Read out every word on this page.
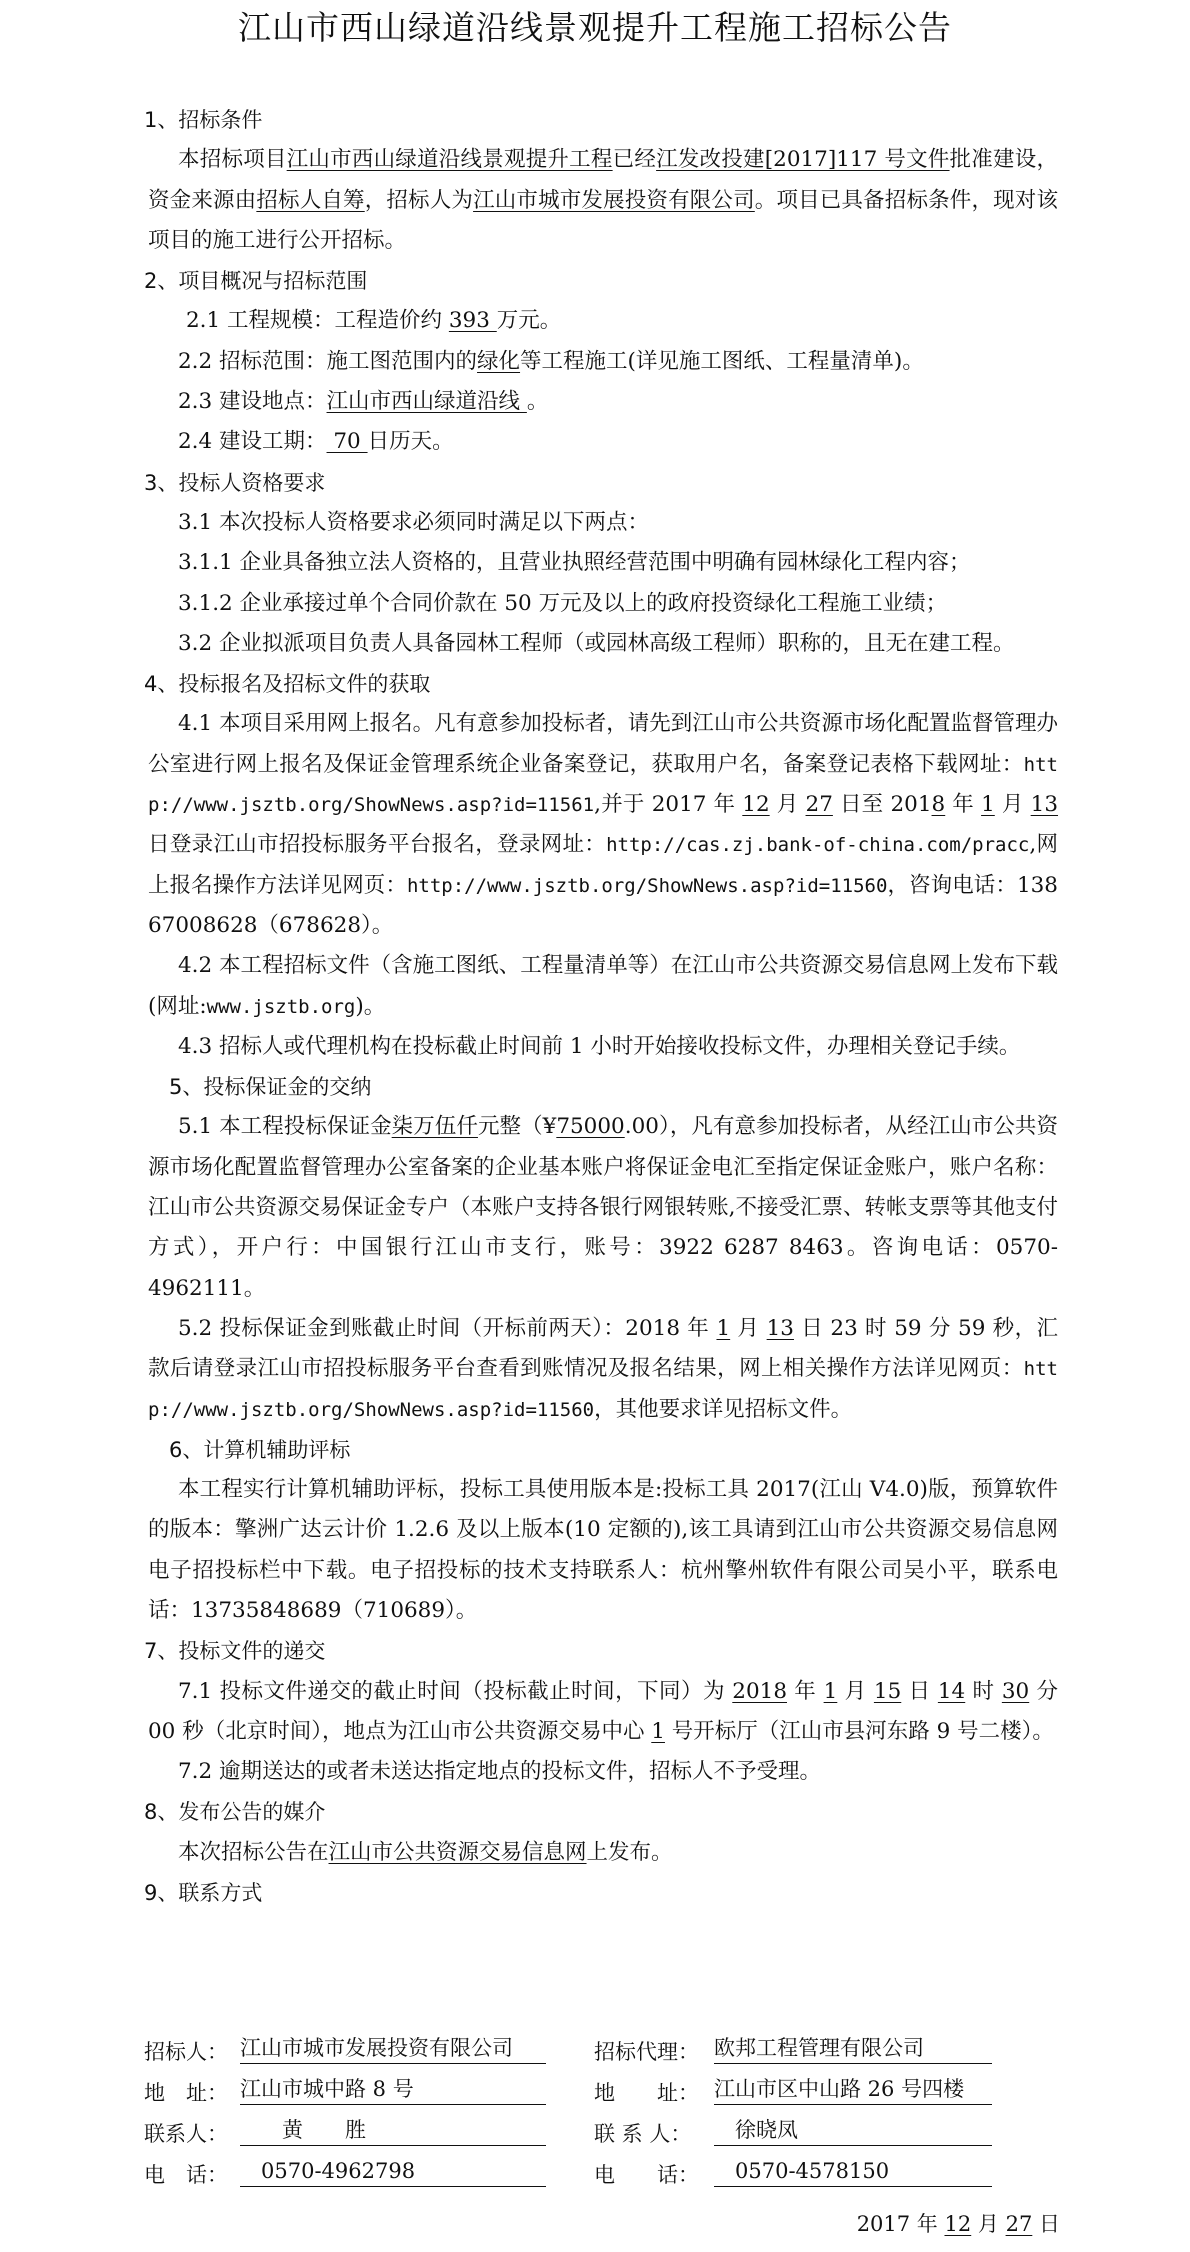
江山市西山绿道沿线景观提升工程施工招标公告
1、招标条件
本招标项目江山市西山绿道沿线景观提升工程已经江发改投建[2017]117 号文件批准建设，资金来源由招标人自筹，招标人为江山市城市发展投资有限公司。项目已具备招标条件，现对该项目的施工进行公开招标。
2、项目概况与招标范围
2.1 工程规模：工程造价约 393 万元。
2.2 招标范围：施工图范围内的绿化等工程施工(详见施工图纸、工程量清单)。
2.3 建设地点：江山市西山绿道沿线 。
2.4 建设工期： 70 日历天。
3、投标人资格要求
3.1 本次投标人资格要求必须同时满足以下两点：
3.1.1 企业具备独立法人资格的，且营业执照经营范围中明确有园林绿化工程内容；
3.1.2 企业承接过单个合同价款在 50 万元及以上的政府投资绿化工程施工业绩；
3.2 企业拟派项目负责人具备园林工程师（或园林高级工程师）职称的，且无在建工程。
4、投标报名及招标文件的获取
4.1 本项目采用网上报名。凡有意参加投标者，请先到江山市公共资源市场化配置监督管理办公室进行网上报名及保证金管理系统企业备案登记，获取用户名，备案登记表格下载网址：http://www.jsztb.org/ShowNews.asp?id=11561,并于 2017 年 12 月 27 日至 2018 年 1 月 13 日登录江山市招投标服务平台报名，登录网址：http://cas.zj.bank-of-china.com/pracc,网上报名操作方法详见网页：http://www.jsztb.org/ShowNews.asp?id=11560，咨询电话：13867008628（678628）。
4.2 本工程招标文件（含施工图纸、工程量清单等）在江山市公共资源交易信息网上发布下载(网址:www.jsztb.org)。
4.3 招标人或代理机构在投标截止时间前 1 小时开始接收投标文件，办理相关登记手续。
5、投标保证金的交纳
5.1 本工程投标保证金柒万伍仟元整（¥75000.00），凡有意参加投标者，从经江山市公共资源市场化配置监督管理办公室备案的企业基本账户将保证金电汇至指定保证金账户，账户名称：江山市公共资源交易保证金专户（本账户支持各银行网银转账,不接受汇票、转帐支票等其他支付方式），开户行：中国银行江山市支行，账号：3922 6287 8463。咨询电话：0570-4962111。
5.2 投标保证金到账截止时间（开标前两天）：2018 年 1 月 13 日 23 时 59 分 59 秒，汇款后请登录江山市招投标服务平台查看到账情况及报名结果，网上相关操作方法详见网页：http://www.jsztb.org/ShowNews.asp?id=11560，其他要求详见招标文件。
6、计算机辅助评标
本工程实行计算机辅助评标，投标工具使用版本是:投标工具 2017(江山 V4.0)版，预算软件的版本：擎洲广达云计价 1.2.6 及以上版本(10 定额的),该工具请到江山市公共资源交易信息网电子招投标栏中下载。电子招投标的技术支持联系人：杭州擎州软件有限公司吴小平，联系电话：13735848689（710689）。
7、投标文件的递交
7.1 投标文件递交的截止时间（投标截止时间，下同）为 2018 年 1 月 15 日 14 时 30 分 00 秒（北京时间），地点为江山市公共资源交易中心 1 号开标厅（江山市县河东路 9 号二楼）。
7.2 逾期送达的或者未送达指定地点的投标文件，招标人不予受理。
8、发布公告的媒介
本次招标公告在江山市公共资源交易信息网上发布。
9、联系方式
招标人： 江山市城市发展投资有限公司	招标代理： 欧邦工程管理有限公司
地　址： 江山市城中路 8 号	地　　址： 江山市区中山路 26 号四楼
联系人： 　　黄　　胜	联 系 人：	　徐晓凤
电　话： 　0570-4962798	电　　话： 　0570-4578150
2017 年 12 月 27 日
